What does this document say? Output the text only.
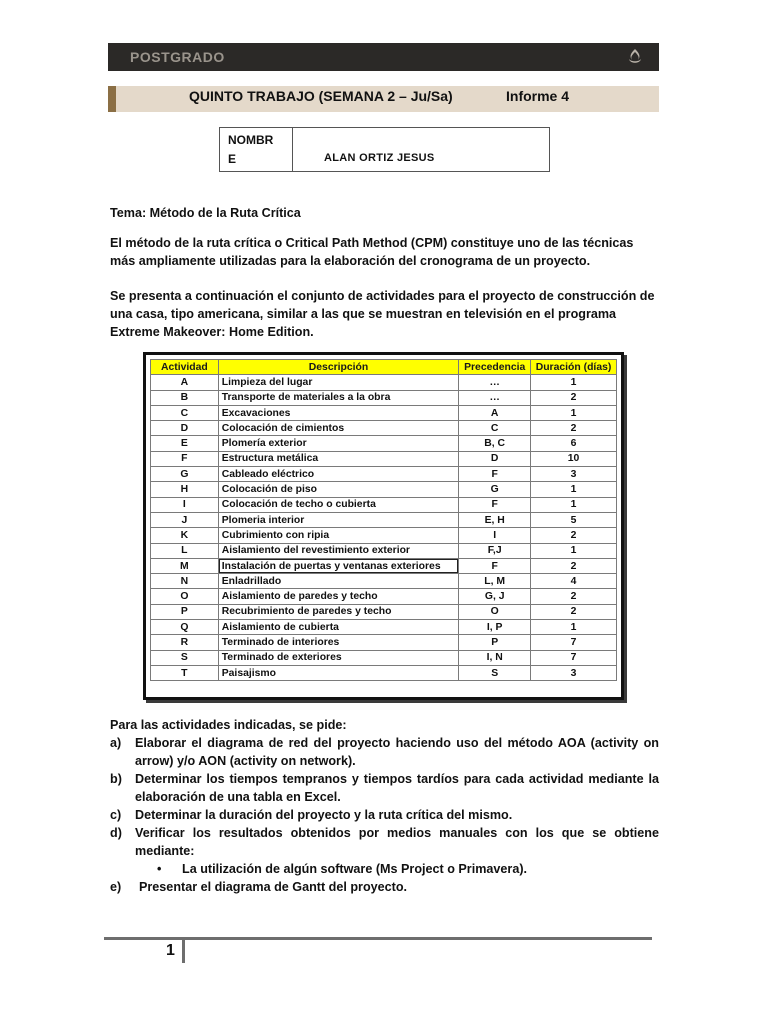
POSTGRADO
QUINTO TRABAJO (SEMANA 2 – Ju/Sa)	Informe 4
NOMBR
E	ALAN ORTIZ JESUS
Tema: Método de la Ruta Crítica
El método de la ruta crítica o Critical Path Method (CPM) constituye uno de las técnicas más ampliamente utilizadas para la elaboración del cronograma de un proyecto.
Se presenta a continuación el conjunto de actividades para el proyecto de construcción de una casa, tipo americana, similar a las que se muestran en televisión en el programa Extreme Makeover: Home Edition.
Actividad	Descripción	Precedencia	Duración (días)
A	Limpieza del lugar	…	1
B	Transporte de materiales a la obra	…	2
C	Excavaciones	A	1
D	Colocación de cimientos	C	2
E	Plomería exterior	B, C	6
F	Estructura metálica	D	10
G	Cableado eléctrico	F	3
H	Colocación de piso	G	1
I	Colocación de techo o cubierta	F	1
J	Plomeria interior	E, H	5
K	Cubrimiento con ripia	I	2
L	Aislamiento del revestimiento exterior	F,J	1
M	Instalación de puertas y ventanas exteriores	F	2
N	Enladrillado	L, M	4
O	Aislamiento de paredes y techo	G, J	2
P	Recubrimiento de paredes y techo	O	2
Q	Aislamiento de cubierta	I, P	1
R	Terminado de interiores	P	7
S	Terminado de exteriores	I, N	7
T	Paisajismo	S	3
Para las actividades indicadas, se pide:
a) Elaborar el diagrama de red del proyecto haciendo uso del método AOA (activity on arrow) y/o AON (activity on network).
b) Determinar los tiempos tempranos y tiempos tardíos para cada actividad mediante la elaboración de una tabla en Excel.
c) Determinar la duración del proyecto y la ruta crítica del mismo.
d) Verificar los resultados obtenidos por medios manuales con los que se obtiene mediante:
• La utilización de algún software (Ms Project o Primavera).
e) Presentar el diagrama de Gantt del proyecto.
1
